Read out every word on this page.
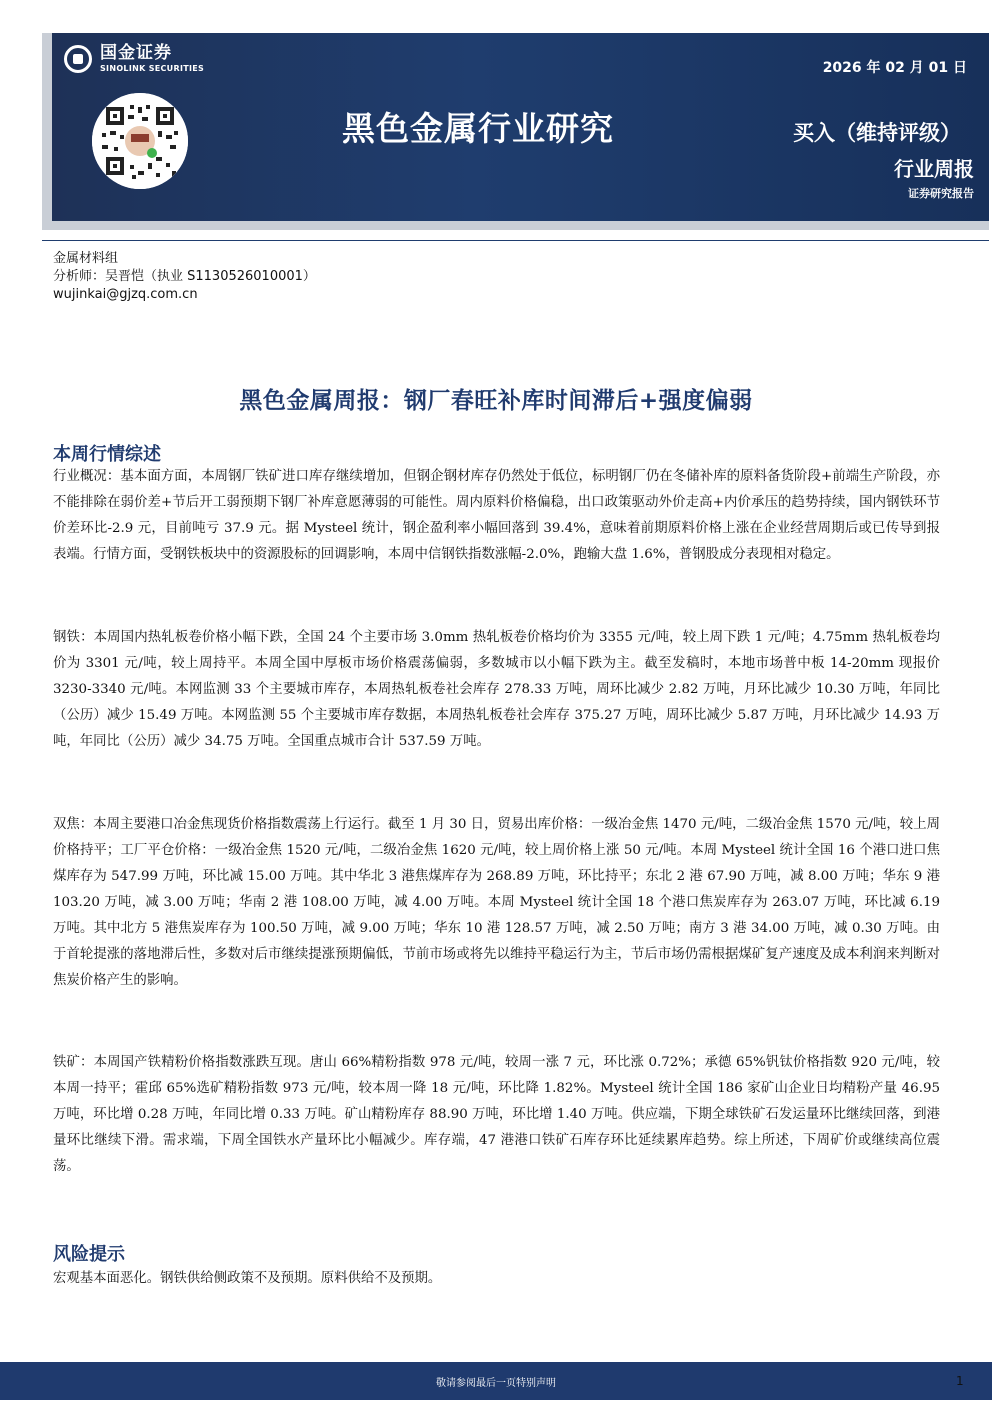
国金证券
SINOLINK SECURITIES	2026 年 02 月 01 日
黑色金属行业研究	买入（维持评级）
行业周报
证券研究报告
金属材料组
分析师：吴晋恺（执业 S1130526010001）
wujinkai@gjzq.com.cn
黑色金属周报：钢厂春旺补库时间滞后+强度偏弱
本周行情综述
行业概况：基本面方面，本周钢厂铁矿进口库存继续增加，但钢企钢材库存仍然处于低位，标明钢厂仍在冬储补库的原料备货阶段+前端生产阶段，亦不能排除在弱价差+节后开工弱预期下钢厂补库意愿薄弱的可能性。周内原料价格偏稳，出口政策驱动外价走高+内价承压的趋势持续，国内钢铁环节价差环比-2.9 元，目前吨亏 37.9 元。据 Mysteel 统计，钢企盈利率小幅回落到 39.4%，意味着前期原料价格上涨在企业经营周期后或已传导到报表端。行情方面，受钢铁板块中的资源股标的回调影响，本周中信钢铁指数涨幅-2.0%，跑输大盘 1.6%，普钢股成分表现相对稳定。
钢铁：本周国内热轧板卷价格小幅下跌，全国 24 个主要市场 3.0mm 热轧板卷价格均价为 3355 元/吨，较上周下跌 1 元/吨；4.75mm 热轧板卷均价为 3301 元/吨，较上周持平。本周全国中厚板市场价格震荡偏弱，多数城市以小幅下跌为主。截至发稿时，本地市场普中板 14-20mm 现报价 3230-3340 元/吨。本网监测 33 个主要城市库存，本周热轧板卷社会库存 278.33 万吨，周环比减少 2.82 万吨，月环比减少 10.30 万吨，年同比（公历）减少 15.49 万吨。本网监测 55 个主要城市库存数据，本周热轧板卷社会库存 375.27 万吨，周环比减少 5.87 万吨，月环比减少 14.93 万吨，年同比（公历）减少 34.75 万吨。全国重点城市合计 537.59 万吨。
双焦：本周主要港口冶金焦现货价格指数震荡上行运行。截至 1 月 30 日，贸易出库价格：一级冶金焦 1470 元/吨，二级冶金焦 1570 元/吨，较上周价格持平；工厂平仓价格：一级冶金焦 1520 元/吨，二级冶金焦 1620 元/吨，较上周价格上涨 50 元/吨。本周 Mysteel 统计全国 16 个港口进口焦煤库存为 547.99 万吨，环比减 15.00 万吨。其中华北 3 港焦煤库存为 268.89 万吨，环比持平；东北 2 港 67.90 万吨，减 8.00 万吨；华东 9 港 103.20 万吨，减 3.00 万吨；华南 2 港 108.00 万吨，减 4.00 万吨。本周 Mysteel 统计全国 18 个港口焦炭库存为 263.07 万吨，环比减 6.19 万吨。其中北方 5 港焦炭库存为 100.50 万吨，减 9.00 万吨；华东 10 港 128.57 万吨，减 2.50 万吨；南方 3 港 34.00 万吨，减 0.30 万吨。由于首轮提涨的落地滞后性，多数对后市继续提涨预期偏低，节前市场或将先以维持平稳运行为主，节后市场仍需根据煤矿复产速度及成本利润来判断对焦炭价格产生的影响。
铁矿：本周国产铁精粉价格指数涨跌互现。唐山 66%精粉指数 978 元/吨，较周一涨 7 元，环比涨 0.72%；承德 65%钒钛价格指数 920 元/吨，较本周一持平；霍邱 65%选矿精粉指数 973 元/吨，较本周一降 18 元/吨，环比降 1.82%。Mysteel 统计全国 186 家矿山企业日均精粉产量 46.95 万吨，环比增 0.28 万吨，年同比增 0.33 万吨。矿山精粉库存 88.90 万吨，环比增 1.40 万吨。供应端，下期全球铁矿石发运量环比继续回落，到港量环比继续下滑。需求端，下周全国铁水产量环比小幅减少。库存端，47 港港口铁矿石库存环比延续累库趋势。综上所述，下周矿价或继续高位震荡。
风险提示
宏观基本面恶化。钢铁供给侧政策不及预期。原料供给不及预期。
敬请参阅最后一页特别声明	1
